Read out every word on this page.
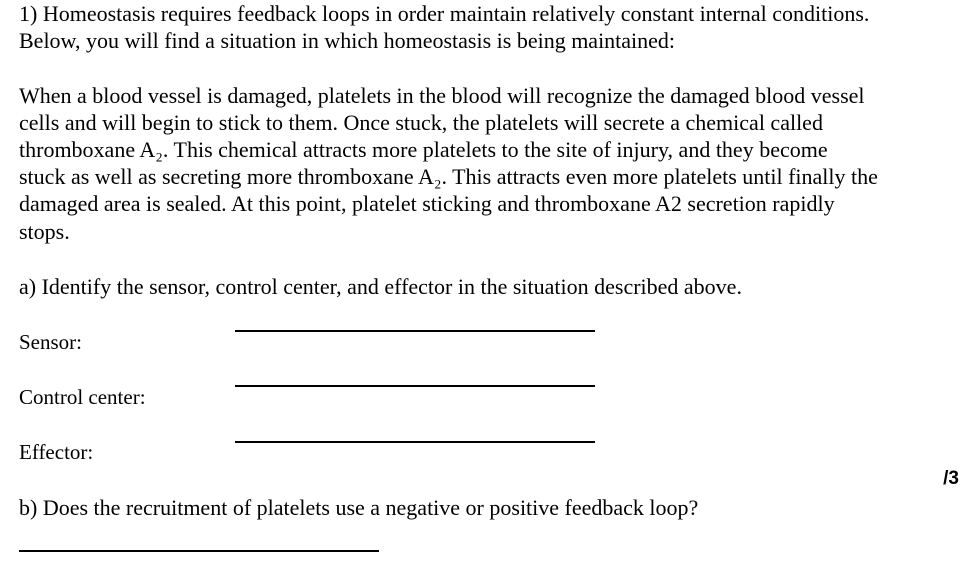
1) Homeostasis requires feedback loops in order maintain relatively constant internal conditions.
Below, you will find a situation in which homeostasis is being maintained:
When a blood vessel is damaged, platelets in the blood will recognize the damaged blood vessel
cells and will begin to stick to them. Once stuck, the platelets will secrete a chemical called
thromboxane A₂. This chemical attracts more platelets to the site of injury, and they become
stuck as well as secreting more thromboxane A₂. This attracts even more platelets until finally the
damaged area is sealed. At this point, platelet sticking and thromboxane A2 secretion rapidly
stops.
a) Identify the sensor, control center, and effector in the situation described above.
Sensor:
Control center:
Effector:
/3
b) Does the recruitment of platelets use a negative or positive feedback loop?
